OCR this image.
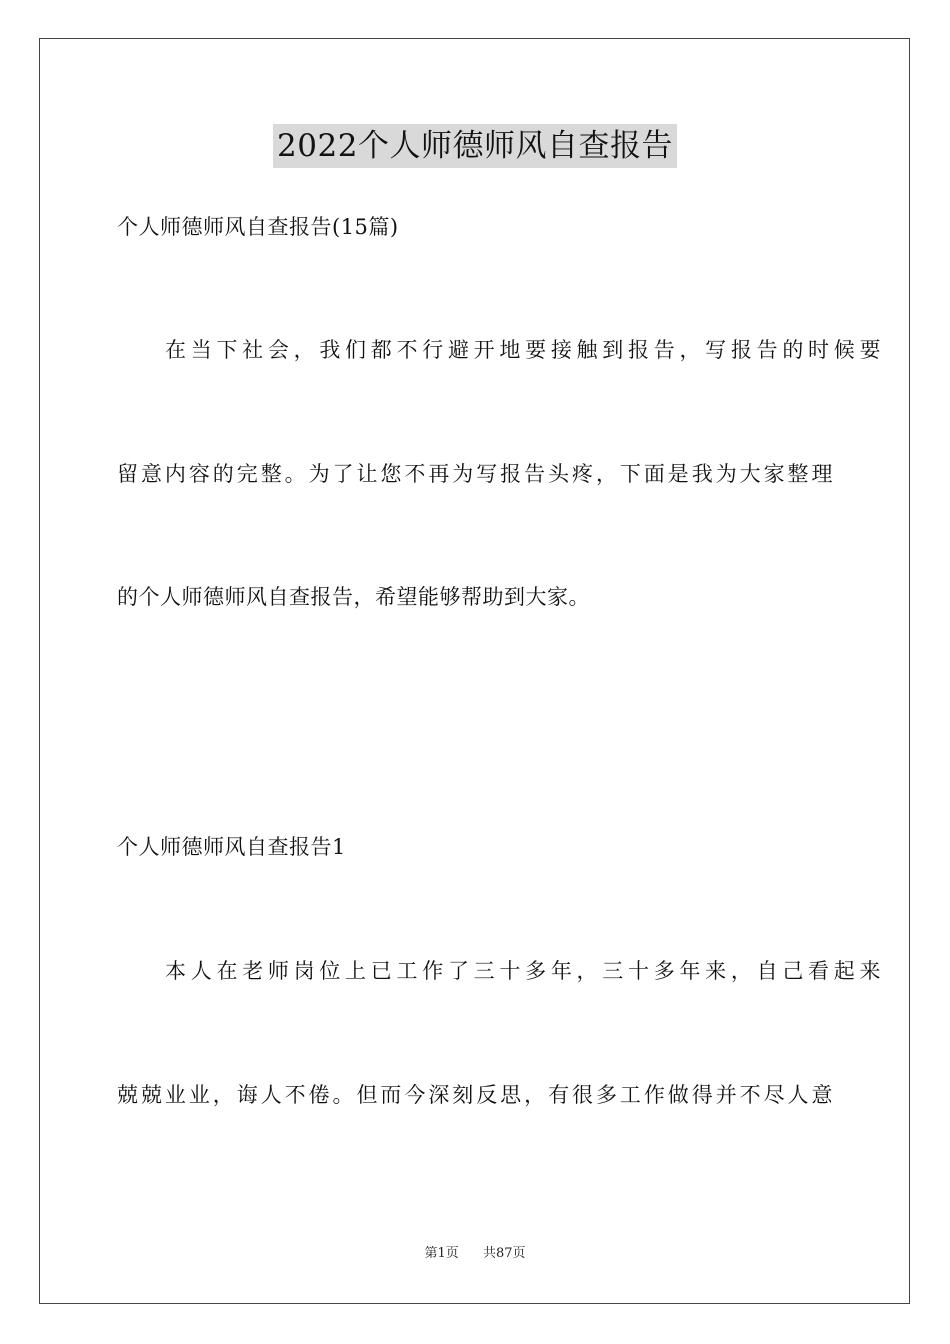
2022个人师德师风自查报告
个人师德师风自查报告(15篇)
在当下社会，我们都不行避开地要接触到报告，写报告的时候要
留意内容的完整。为了让您不再为写报告头疼，下面是我为大家整理
的个人师德师风自查报告，希望能够帮助到大家。
个人师德师风自查报告1
本人在老师岗位上已工作了三十多年，三十多年来，自己看起来
兢兢业业，诲人不倦。但而今深刻反思，有很多工作做得并不尽人意
第1页 共87页
